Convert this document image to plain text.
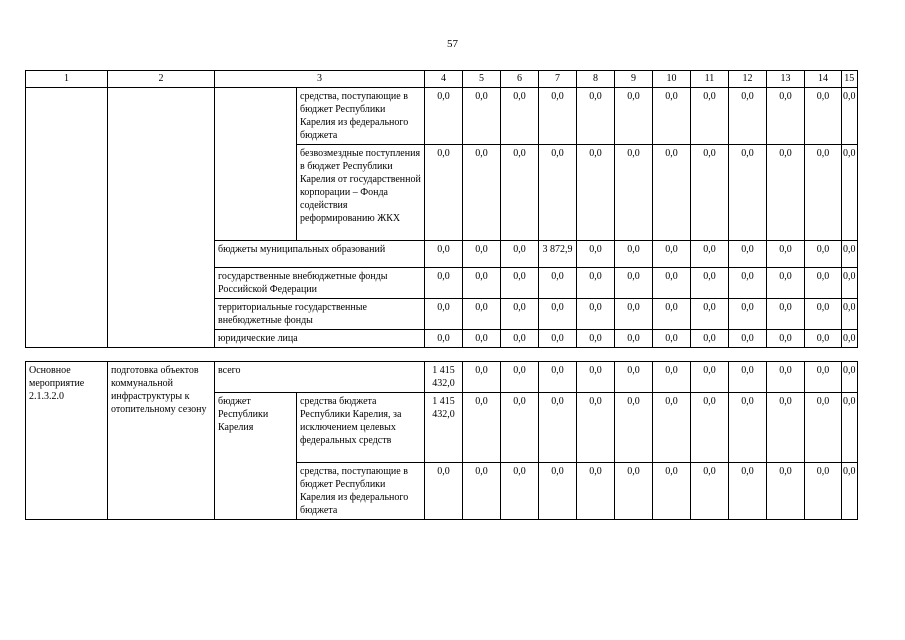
57
1	2	3		4	5	6	7	8	9	10	11	12	13	14	15
			средства, поступающие в бюджет Республики Карелия из федерального бюджета	0,0	0,0	0,0	0,0	0,0	0,0	0,0	0,0	0,0	0,0	0,0	0,0
			безвозмездные поступления в бюджет Республики Карелия от государственной корпорации – Фонда содействия реформированию ЖКХ	0,0	0,0	0,0	0,0	0,0	0,0	0,0	0,0	0,0	0,0	0,0	0,0
		бюджеты муниципальных образований		0,0	0,0	0,0	3 872,9	0,0	0,0	0,0	0,0	0,0	0,0	0,0	0,0
		государственные внебюджетные фонды Российской Федерации		0,0	0,0	0,0	0,0	0,0	0,0	0,0	0,0	0,0	0,0	0,0	0,0
		территориальные государственные внебюджетные фонды		0,0	0,0	0,0	0,0	0,0	0,0	0,0	0,0	0,0	0,0	0,0	0,0
		юридические лица		0,0	0,0	0,0	0,0	0,0	0,0	0,0	0,0	0,0	0,0	0,0	0,0

Основное мероприятие 2.1.3.2.0	подготовка объектов коммунальной инфраструктуры к отопительному сезону	всего		1 415 432,0	0,0	0,0	0,0	0,0	0,0	0,0	0,0	0,0	0,0	0,0	0,0
		бюджет Республики Карелия	средства бюджета Республики Карелия, за исключением целевых федеральных средств	1 415 432,0	0,0	0,0	0,0	0,0	0,0	0,0	0,0	0,0	0,0	0,0	0,0
			средства, поступающие в бюджет Республики Карелия из федерального бюджета	0,0	0,0	0,0	0,0	0,0	0,0	0,0	0,0	0,0	0,0	0,0	0,0
